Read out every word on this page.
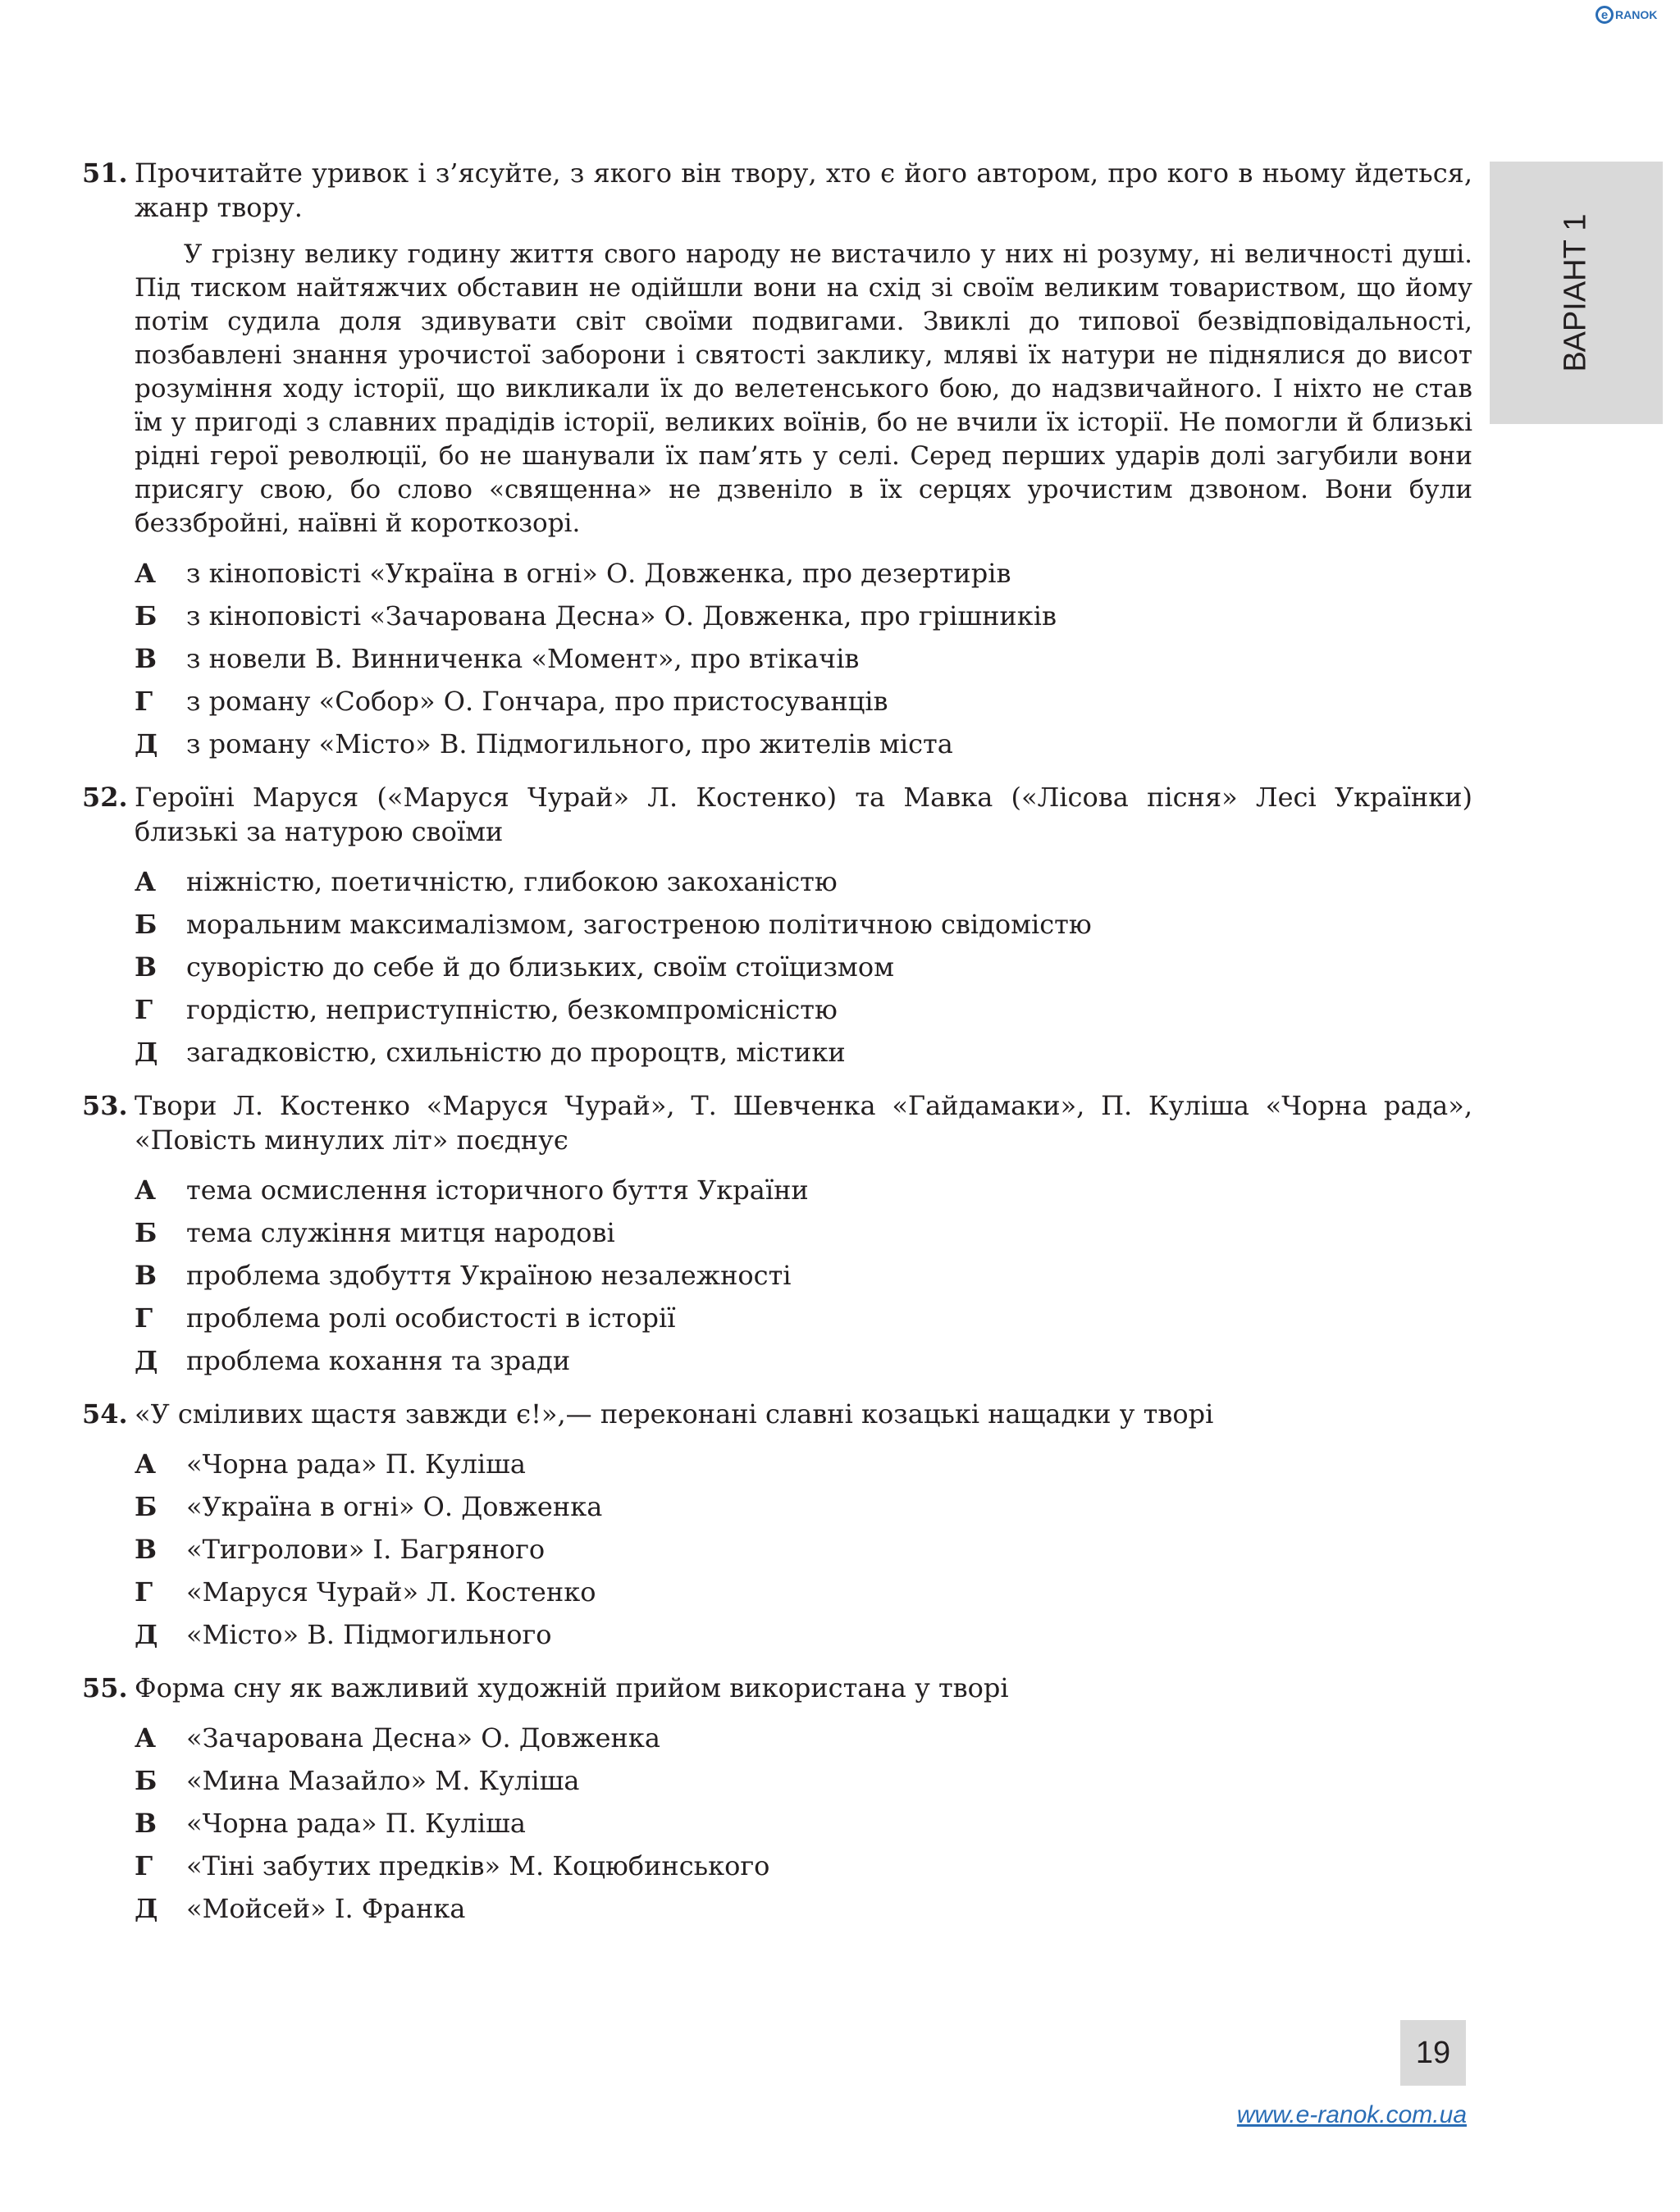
e RANOK
ВАРІАНТ 1
51. Прочитайте уривок і з’ясуйте, з якого він твору, хто є його автором, про кого в ньому йдеться, жанр твору.
У грізну велику годину життя свого народу не вистачило у них ні розуму, ні величності душі. Під тиском найтяжчих обставин не одійшли вони на схід зі своїм великим товариством, що йому потім судила доля здивувати світ своїми подвигами. Звиклі до типової безвідповідальності, позбавлені знання урочистої заборони і святості заклику, мляві їх натури не піднялися до висот розуміння ходу історії, що викликали їх до велетенського бою, до надзвичайного. І ніхто не став їм у пригоді з славних прадідів історії, великих воїнів, бо не вчили їх історії. Не помогли й близькі рідні герої революції, бо не шанували їх пам’ять у селі. Серед перших ударів долі загубили вони присягу свою, бо слово «священна» не дзвеніло в їх серцях урочистим дзвоном. Вони були беззбройні, наївні й короткозорі.
А	з кіноповісті «Україна в огні» О. Довженка, про дезертирів
Б	з кіноповісті «Зачарована Десна» О. Довженка, про грішників
В	з новели В. Винниченка «Момент», про втікачів
Г	з роману «Собор» О. Гончара, про пристосуванців
Д	з роману «Місто» В. Підмогильного, про жителів міста
52. Героїні Маруся («Маруся Чурай» Л. Костенко) та Мавка («Лісова пісня» Лесі Українки) близькі за натурою своїми
А	ніжністю, поетичністю, глибокою закоханістю
Б	моральним максималізмом, загостреною політичною свідомістю
В	суворістю до себе й до близьких, своїм стоїцизмом
Г	гордістю, неприступністю, безкомпромісністю
Д	загадковістю, схильністю до пророцтв, містики
53. Твори Л. Костенко «Маруся Чурай», Т. Шевченка «Гайдамаки», П. Куліша «Чорна рада», «Повість минулих літ» поєднує
А	тема осмислення історичного буття України
Б	тема служіння митця народові
В	проблема здобуття Україною незалежності
Г	проблема ролі особистості в історії
Д	проблема кохання та зради
54. «У сміливих щастя завжди є!»,— переконані славні козацькі нащадки у творі
А	«Чорна рада» П. Куліша
Б	«Україна в огні» О. Довженка
В	«Тигролови» І. Багряного
Г	«Маруся Чурай» Л. Костенко
Д	«Місто» В. Підмогильного
55. Форма сну як важливий художній прийом використана у творі
А	«Зачарована Десна» О. Довженка
Б	«Мина Мазайло» М. Куліша
В	«Чорна рада» П. Куліша
Г	«Тіні забутих предків» М. Коцюбинського
Д	«Мойсей» І. Франка
19
www.e-ranok.com.ua
